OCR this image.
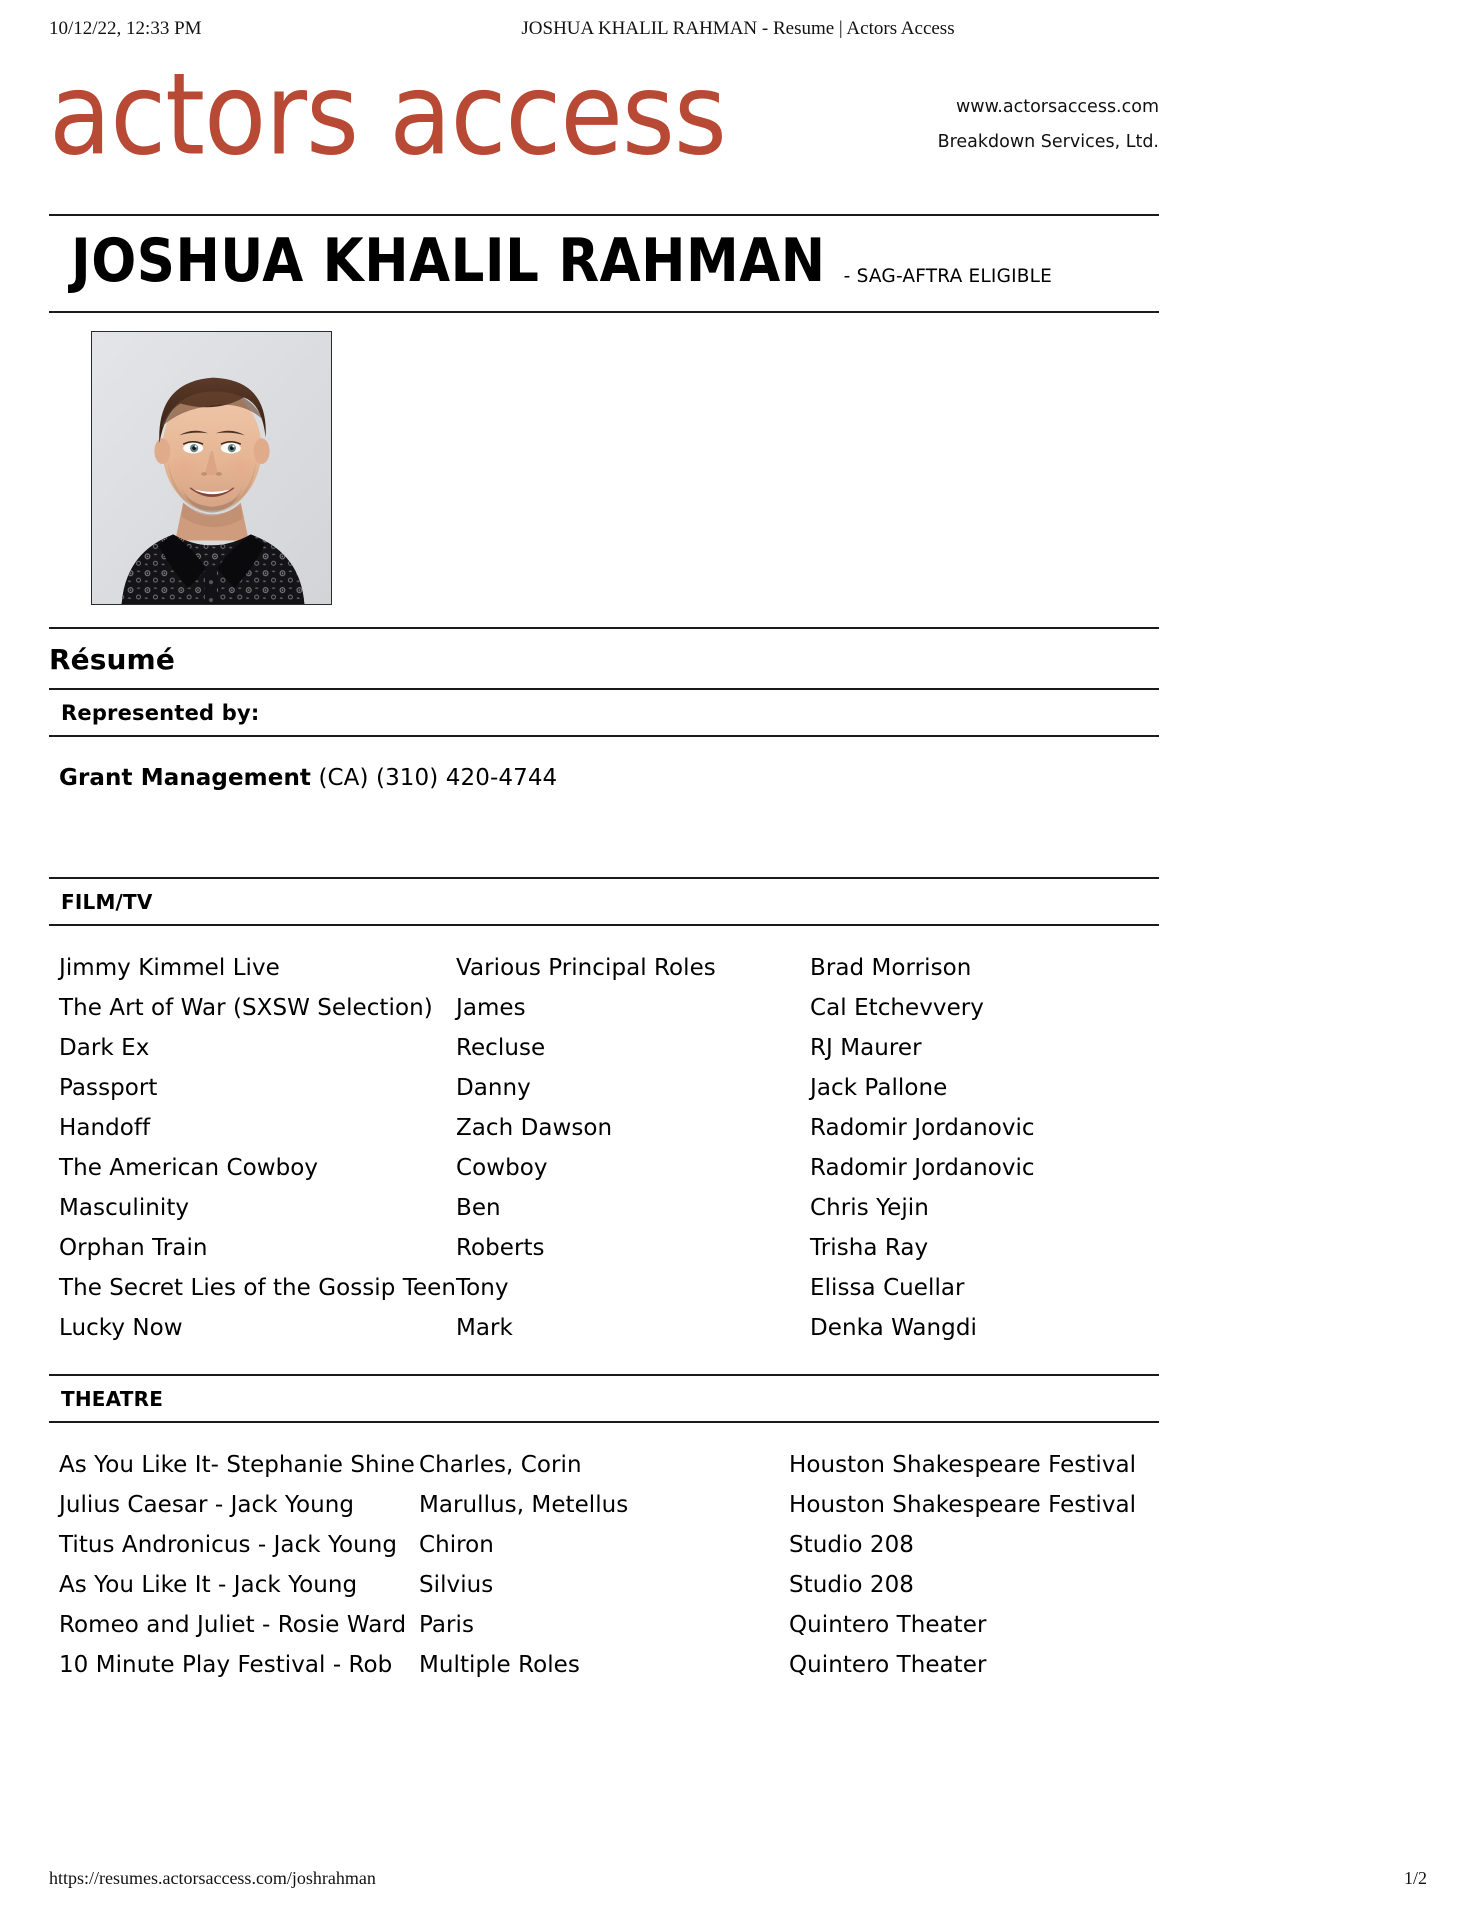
10/12/22, 12:33 PM	JOSHUA KHALIL RAHMAN - Resume | Actors Access
actors access	www.actorsaccess.com
Breakdown Services, Ltd.
JOSHUA KHALIL RAHMAN - SAG-AFTRA ELIGIBLE
Résumé
Represented by:
Grant Management (CA) (310) 420-4744
FILM/TV
Jimmy Kimmel Live	Various Principal Roles	Brad Morrison
The Art of War (SXSW Selection)	James	Cal Etchevvery
Dark Ex	Recluse	RJ Maurer
Passport	Danny	Jack Pallone
Handoff	Zach Dawson	Radomir Jordanovic
The American Cowboy	Cowboy	Radomir Jordanovic
Masculinity	Ben	Chris Yejin
Orphan Train	Roberts	Trisha Ray
The Secret Lies of the Gossip Teen	Tony	Elissa Cuellar
Lucky Now	Mark	Denka Wangdi
THEATRE
As You Like It- Stephanie Shine	Charles, Corin	Houston Shakespeare Festival
Julius Caesar - Jack Young	Marullus, Metellus	Houston Shakespeare Festival
Titus Andronicus - Jack Young	Chiron	Studio 208
As You Like It - Jack Young	Silvius	Studio 208
Romeo and Juliet - Rosie Ward	Paris	Quintero Theater
10 Minute Play Festival - Rob	Multiple Roles	Quintero Theater
https://resumes.actorsaccess.com/joshrahman	1/2
